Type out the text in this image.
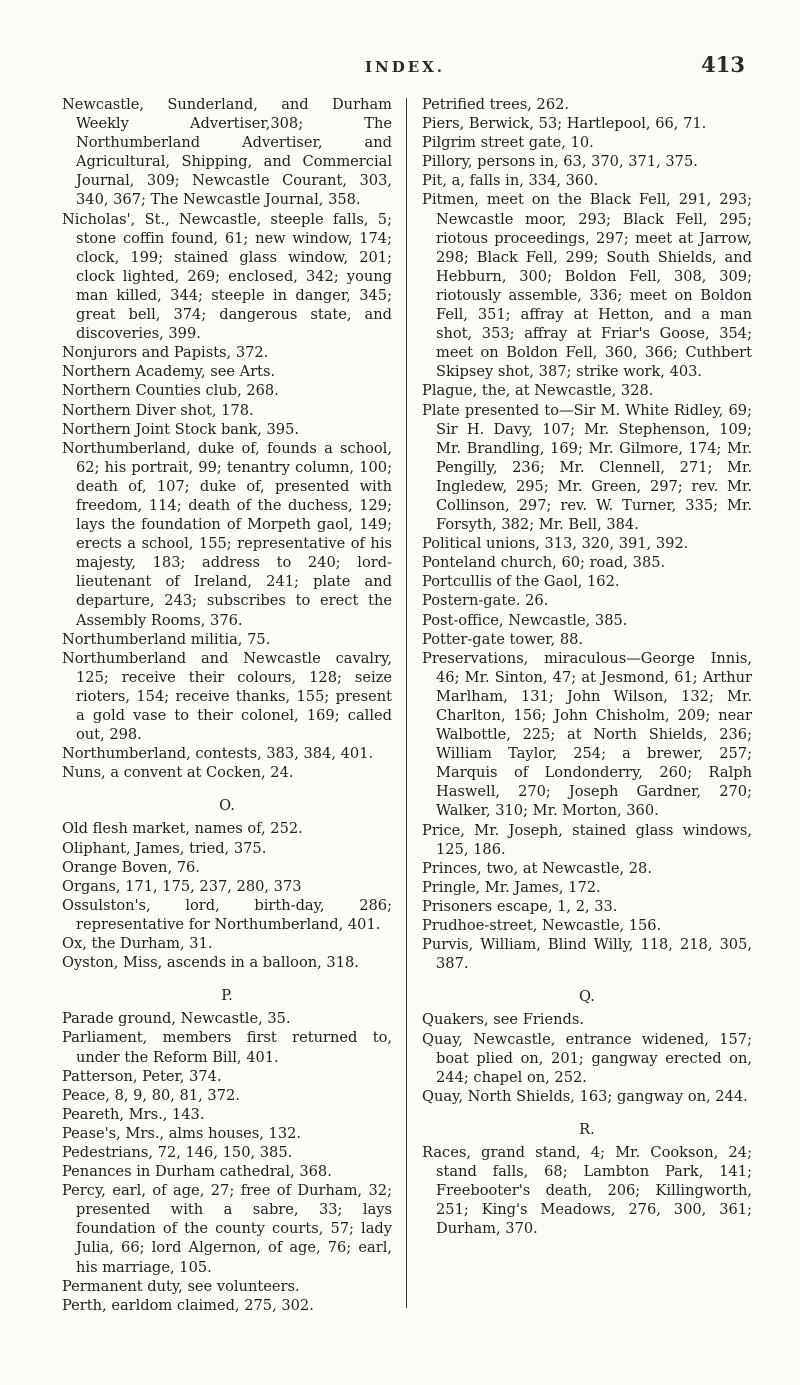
INDEX.	413
Newcastle, Sunderland, and Durham Weekly Advertiser,308; The Northumberland Advertiser, and Agricultural, Shipping, and Commercial Journal, 309; Newcastle Courant, 303, 340, 367; The Newcastle Journal, 358.
Nicholas', St., Newcastle, steeple falls, 5; stone coffin found, 61; new window, 174; clock, 199; stained glass window, 201; clock lighted, 269; enclosed, 342; young man killed, 344; steeple in danger, 345; great bell, 374; dangerous state, and discoveries, 399.
Nonjurors and Papists, 372.
Northern Academy, see Arts.
Northern Counties club, 268.
Northern Diver shot, 178.
Northern Joint Stock bank, 395.
Northumberland, duke of, founds a school, 62; his portrait, 99; tenantry column, 100; death of, 107; duke of, presented with freedom, 114; death of the duchess, 129; lays the foundation of Morpeth gaol, 149; erects a school, 155; representative of his majesty, 183; address to 240; lord-lieutenant of Ireland, 241; plate and departure, 243; subscribes to erect the Assembly Rooms, 376.
Northumberland militia, 75.
Northumberland and Newcastle cavalry, 125; receive their colours, 128; seize rioters, 154; receive thanks, 155; present a gold vase to their colonel, 169; called out, 298.
Northumberland, contests, 383, 384, 401.
Nuns, a convent at Cocken, 24.
O.
Old flesh market, names of, 252.
Oliphant, James, tried, 375.
Orange Boven, 76.
Organs, 171, 175, 237, 280, 373
Ossulston's, lord, birth-day, 286; representative for Northumberland, 401.
Ox, the Durham, 31.
Oyston, Miss, ascends in a balloon, 318.
P.
Parade ground, Newcastle, 35.
Parliament, members first returned to, under the Reform Bill, 401.
Patterson, Peter, 374.
Peace, 8, 9, 80, 81, 372.
Peareth, Mrs., 143.
Pease's, Mrs., alms houses, 132.
Pedestrians, 72, 146, 150, 385.
Penances in Durham cathedral, 368.
Percy, earl, of age, 27; free of Durham, 32; presented with a sabre, 33; lays foundation of the county courts, 57; lady Julia, 66; lord Algernon, of age, 76; earl, his marriage, 105.
Permanent duty, see volunteers.
Perth, earldom claimed, 275, 302.
Petrified trees, 262.
Piers, Berwick, 53; Hartlepool, 66, 71.
Pilgrim street gate, 10.
Pillory, persons in, 63, 370, 371, 375.
Pit, a, falls in, 334, 360.
Pitmen, meet on the Black Fell, 291, 293; Newcastle moor, 293; Black Fell, 295; riotous proceedings, 297; meet at Jarrow, 298; Black Fell, 299; South Shields, and Hebburn, 300; Boldon Fell, 308, 309; riotously assemble, 336; meet on Boldon Fell, 351; affray at Hetton, and a man shot, 353; affray at Friar's Goose, 354; meet on Boldon Fell, 360, 366; Cuthbert Skipsey shot, 387; strike work, 403.
Plague, the, at Newcastle, 328.
Plate presented to—Sir M. White Ridley, 69; Sir H. Davy, 107; Mr. Stephenson, 109; Mr. Brandling, 169; Mr. Gilmore, 174; Mr. Pengilly, 236; Mr. Clennell, 271; Mr. Ingledew, 295; Mr. Green, 297; rev. Mr. Collinson, 297; rev. W. Turner, 335; Mr. Forsyth, 382; Mr. Bell, 384.
Political unions, 313, 320, 391, 392.
Ponteland church, 60; road, 385.
Portcullis of the Gaol, 162.
Postern-gate. 26.
Post-office, Newcastle, 385.
Potter-gate tower, 88.
Preservations, miraculous—George Innis, 46; Mr. Sinton, 47; at Jesmond, 61; Arthur Marlham, 131; John Wilson, 132; Mr. Charlton, 156; John Chisholm, 209; near Walbottle, 225; at North Shields, 236; William Taylor, 254; a brewer, 257; Marquis of Londonderry, 260; Ralph Haswell, 270; Joseph Gardner, 270; Walker, 310; Mr. Morton, 360.
Price, Mr. Joseph, stained glass windows, 125, 186.
Princes, two, at Newcastle, 28.
Pringle, Mr. James, 172.
Prisoners escape, 1, 2, 33.
Prudhoe-street, Newcastle, 156.
Purvis, William, Blind Willy, 118, 218, 305, 387.
Q.
Quakers, see Friends.
Quay, Newcastle, entrance widened, 157; boat plied on, 201; gangway erected on, 244; chapel on, 252.
Quay, North Shields, 163; gangway on, 244.
R.
Races, grand stand, 4; Mr. Cookson, 24; stand falls, 68; Lambton Park, 141; Freebooter's death, 206; Killingworth, 251; King's Meadows, 276, 300, 361; Durham, 370.
